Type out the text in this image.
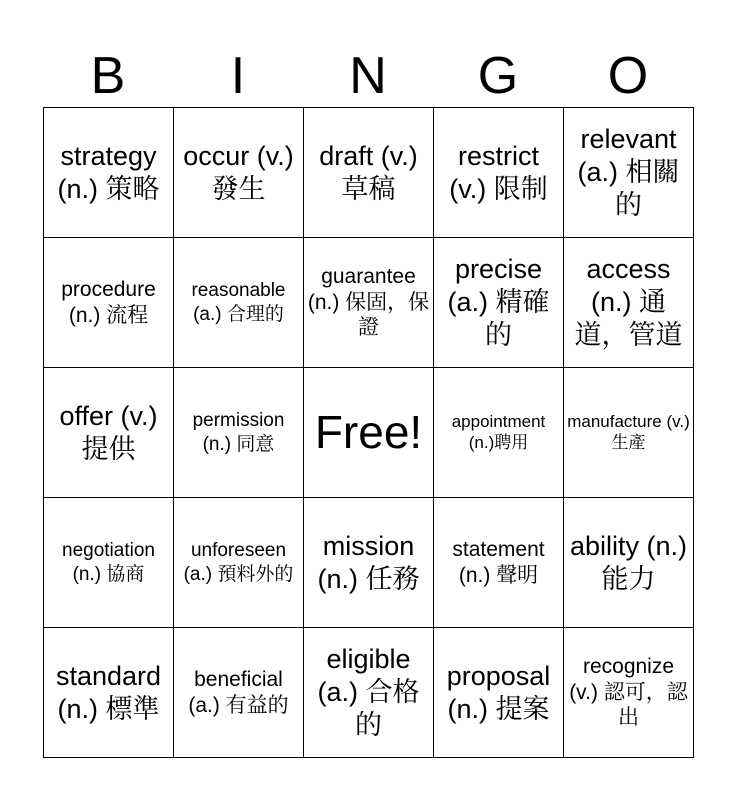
B	I	N	G	O
strategy (n.) 策略	occur (v.) 發生	draft (v.) 草稿	restrict (v.) 限制	relevant (a.) 相關的
procedure (n.) 流程	reasonable (a.) 合理的	guarantee (n.) 保固，保證	precise (a.) 精確的	access (n.) 通道，管道
offer (v.) 提供	permission (n.) 同意	Free!	appointment (n.)聘用	manufacture (v.) 生產
negotiation (n.) 協商	unforeseen (a.) 預料外的	mission (n.) 任務	statement (n.) 聲明	ability (n.) 能力
standard (n.) 標準	beneficial (a.) 有益的	eligible (a.) 合格的	proposal (n.) 提案	recognize (v.) 認可，認出
